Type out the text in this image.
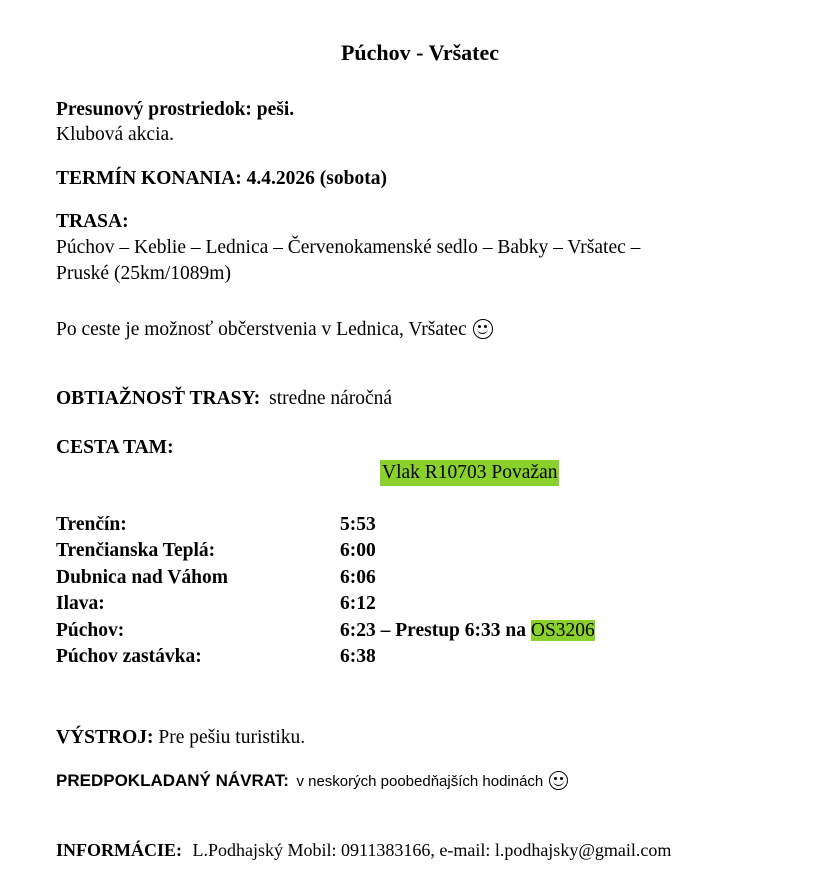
Púchov - Vršatec
Presunový prostriedok: peši.
Klubová akcia.
TERMÍN KONANIA: 4.4.2026 (sobota)
TRASA:
Púchov – Keblie – Lednica – Červenokamenské sedlo – Babky – Vršatec –
Pruské (25km/1089m)
Po ceste je možnosť občerstvenia v Lednica, Vršatec
OBTIAŽNOSŤ TRASY: stredne náročná
CESTA TAM:
Vlak R10703 Považan
Trenčín:	5:53
Trenčianska Teplá:	6:00
Dubnica nad Váhom	6:06
Ilava:	6:12
Púchov:	6:23 – Prestup 6:33 na OS3206
Púchov zastávka:	6:38
VÝSTROJ: Pre pešiu turistiku.
PREDPOKLADANÝ NÁVRAT: v neskorých poobedňajších hodinách
INFORMÁCIE: L.Podhajský Mobil: 0911383166, e-mail: l.podhajsky@gmail.com
